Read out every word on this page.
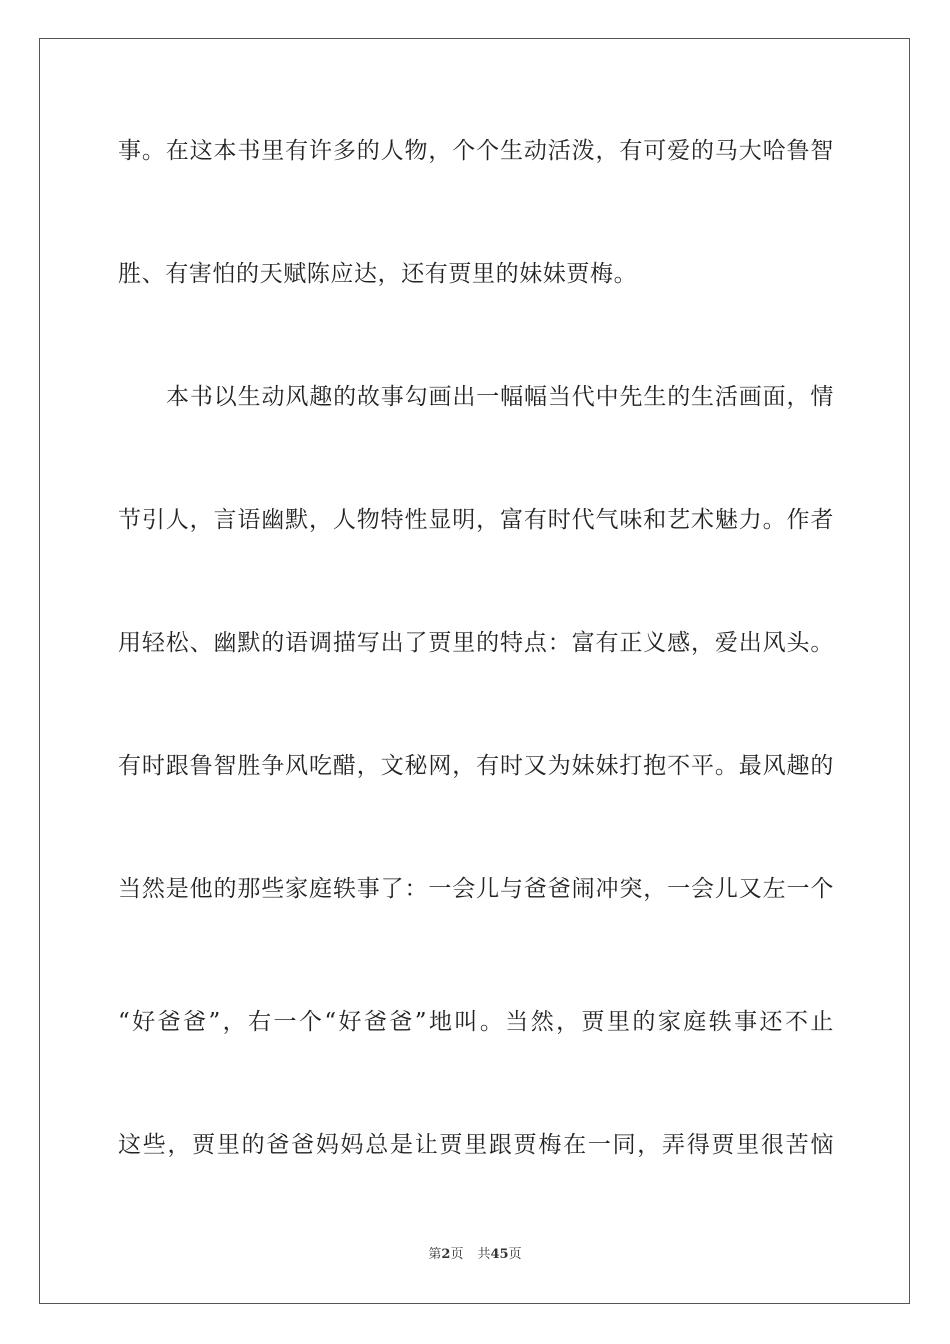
事。在这本书里有许多的人物，个个生动活泼，有可爱的马大哈鲁智
胜、有害怕的天赋陈应达，还有贾里的妹妹贾梅。
本书以生动风趣的故事勾画出一幅幅当代中先生的生活画面，情
节引人，言语幽默，人物特性显明，富有时代气味和艺术魅力。作者
用轻松、幽默的语调描写出了贾里的特点：富有正义感，爱出风头。
有时跟鲁智胜争风吃醋，文秘网，有时又为妹妹打抱不平。最风趣的
当然是他的那些家庭轶事了：一会儿与爸爸闹冲突，一会儿又左一个
“好爸爸”，右一个“好爸爸”地叫。当然，贾里的家庭轶事还不止
这些，贾里的爸爸妈妈总是让贾里跟贾梅在一同，弄得贾里很苦恼
第2页 共45页
